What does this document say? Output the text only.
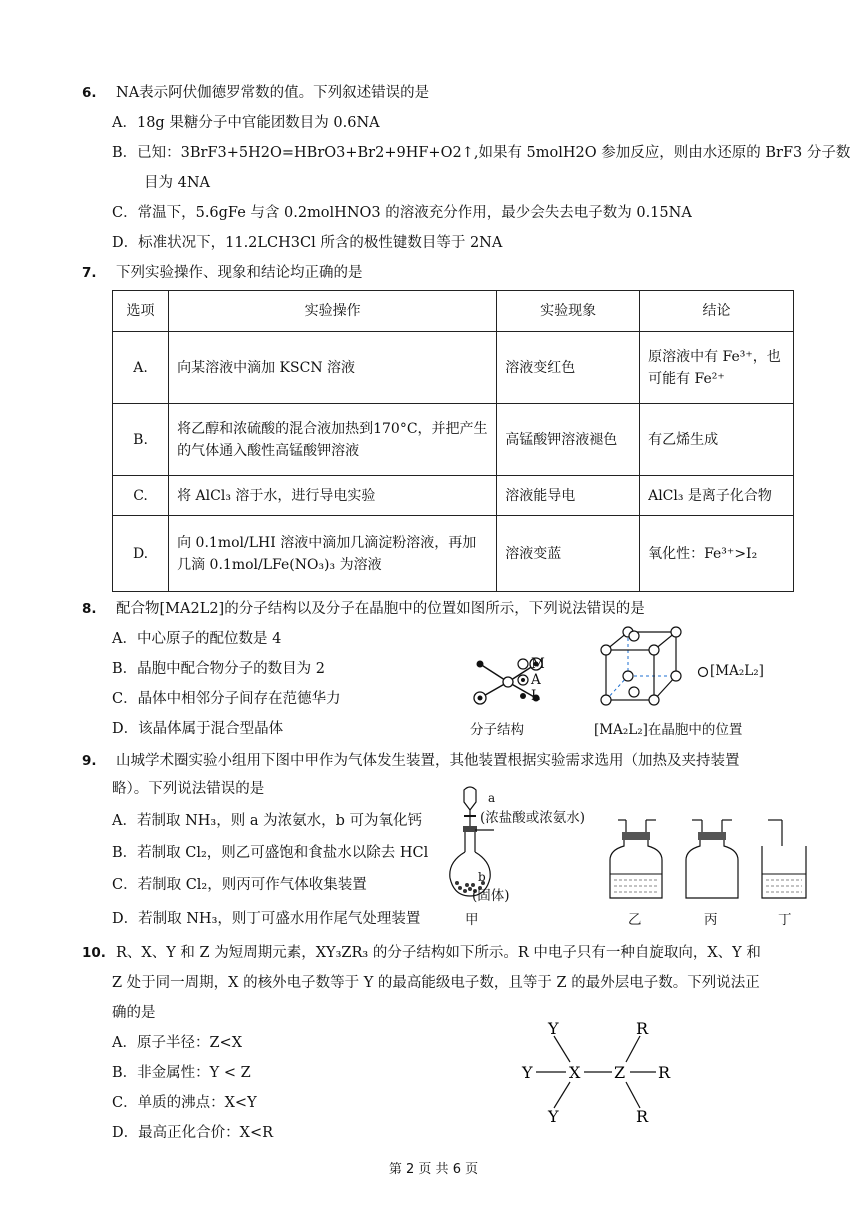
6. NA表示阿伏伽德罗常数的值。下列叙述错误的是
A．18g 果糖分子中官能团数目为 0.6NA
B．已知：3BrF3+5H2O=HBrO3+Br2+9HF+O2↑,如果有 5molH2O 参加反应，则由水还原的 BrF3 分子数
目为 4NA
C．常温下，5.6gFe 与含 0.2molHNO3 的溶液充分作用，最少会失去电子数为 0.15NA
D．标准状况下，11.2LCH3Cl 所含的极性键数目等于 2NA
7. 下列实验操作、现象和结论均正确的是
选项	实验操作	实验现象	结论
A.	向某溶液中滴加 KSCN 溶液	溶液变红色	原溶液中有 Fe³⁺，也可能有 Fe²⁺
B.	将乙醇和浓硫酸的混合液加热到170°C，并把产生的气体通入酸性高锰酸钾溶液	高锰酸钾溶液褪色	有乙烯生成
C.	将 AlCl₃ 溶于水，进行导电实验	溶液能导电	AlCl₃ 是离子化合物
D.	向 0.1mol/LHI 溶液中滴加几滴淀粉溶液，再加几滴 0.1mol/LFe(NO₃)₃ 为溶液	溶液变蓝	氧化性：Fe³⁺>I₂
8. 配合物[MA2L2]的分子结构以及分子在晶胞中的位置如图所示，下列说法错误的是
A．中心原子的配位数是 4
B．晶胞中配合物分子的数目为 2
C．晶体中相邻分子间存在范德华力
D．该晶体属于混合型晶体
M
A
L
分子结构
[MA₂L₂]
[MA₂L₂]在晶胞中的位置
9. 山城学术圈实验小组用下图中甲作为气体发生装置，其他装置根据实验需求选用（加热及夹持装置
略）。下列说法错误的是
A．若制取 NH₃，则 a 为浓氨水，b 可为氧化钙
B．若制取 Cl₂，则乙可盛饱和食盐水以除去 HCl
C．若制取 Cl₂，则丙可作气体收集装置
D．若制取 NH₃，则丁可盛水用作尾气处理装置
a
(浓盐酸或浓氨水)
b
(固体)
甲	乙	丙	丁
10. R、X、Y 和 Z 为短周期元素，XY₃ZR₃ 的分子结构如下所示。R 中电子只有一种自旋取向，X、Y 和
Z 处于同一周期，X 的核外电子数等于 Y 的最高能级电子数，且等于 Z 的最外层电子数。下列说法正
确的是
A．原子半径：Z<X
B．非金属性：Y < Z
C．单质的沸点：X<Y
D．最高正化合价：X<R
Y
Y
Y
X Z
R
R
R
第 2 页 共 6 页
